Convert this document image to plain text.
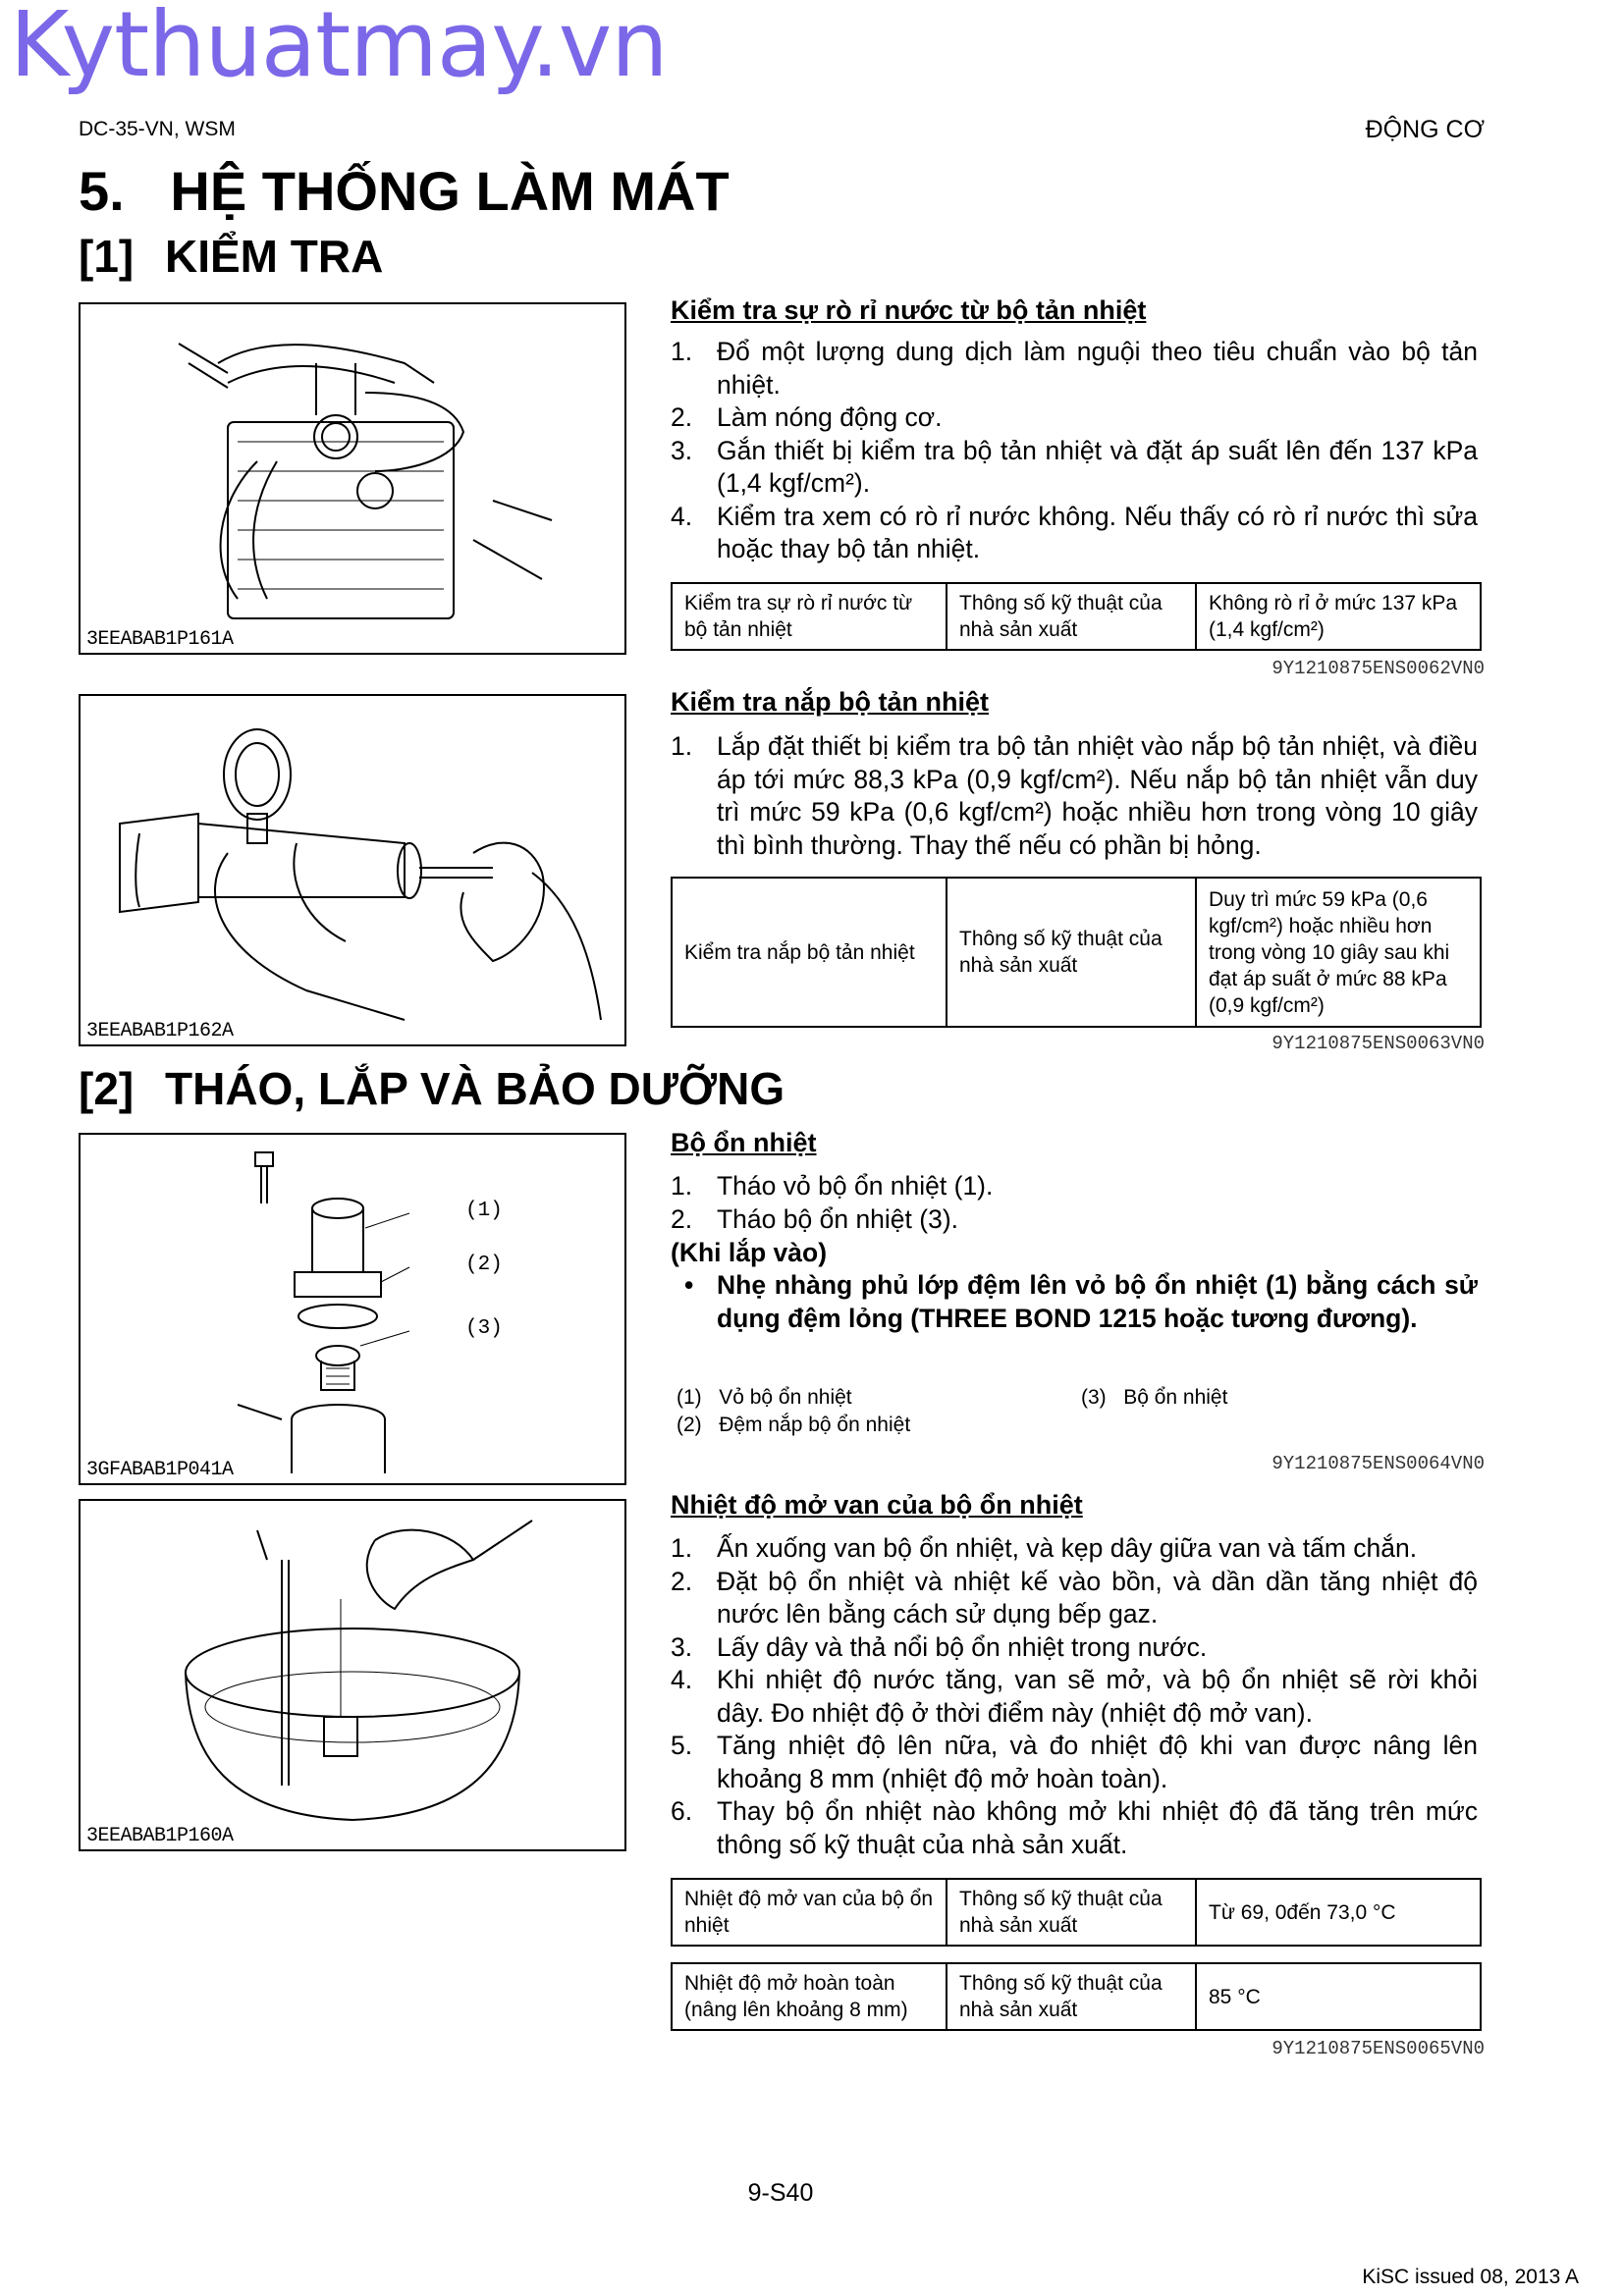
Kythuatmay.vn
DC-35-VN, WSM	ĐỘNG CƠ
5.   HỆ THỐNG LÀM MÁT
[1] KIỂM TRA
3EEABAB1P161A
3EEABAB1P162A
[2] THÁO, LẮP VÀ BẢO DƯỠNG
(1)
(2)
(3)
3GFABAB1P041A
3EEABAB1P160A
Kiểm tra sự rò rỉ nước từ bộ tản nhiệt
1. Đổ một lượng dung dịch làm nguội theo tiêu chuẩn vào bộ tản nhiệt.
2. Làm nóng động cơ.
3. Gắn thiết bị kiểm tra bộ tản nhiệt và đặt áp suất lên đến 137 kPa (1,4 kgf/cm²).
4. Kiểm tra xem có rò rỉ nước không. Nếu thấy có rò rỉ nước thì sửa hoặc thay bộ tản nhiệt.
Kiểm tra sự rò rỉ nước từ bộ tản nhiệt	Thông số kỹ thuật của nhà sản xuất	Không rò rỉ ở mức 137 kPa (1,4 kgf/cm²)
9Y1210875ENS0062VN0
Kiểm tra nắp bộ tản nhiệt
1. Lắp đặt thiết bị kiểm tra bộ tản nhiệt vào nắp bộ tản nhiệt, và điều áp tới mức 88,3 kPa (0,9 kgf/cm²). Nếu nắp bộ tản nhiệt vẫn duy trì mức 59 kPa (0,6 kgf/cm²) hoặc nhiều hơn trong vòng 10 giây thì bình thường. Thay thế nếu có phần bị hỏng.
Kiểm tra nắp bộ tản nhiệt	Thông số kỹ thuật của nhà sản xuất	Duy trì mức 59 kPa (0,6 kgf/cm²) hoặc nhiều hơn trong vòng 10 giây sau khi đạt áp suất ở mức 88 kPa (0,9 kgf/cm²)
9Y1210875ENS0063VN0
Bộ ổn nhiệt
1. Tháo vỏ bộ ổn nhiệt (1).
2. Tháo bộ ổn nhiệt (3).
(Khi lắp vào)
• Nhẹ nhàng phủ lớp đệm lên vỏ bộ ổn nhiệt (1) bằng cách sử dụng đệm lỏng (THREE BOND 1215 hoặc tương đương).
(1) Vỏ bộ ổn nhiệt
(2) Đệm nắp bộ ổn nhiệt
(3) Bộ ổn nhiệt
9Y1210875ENS0064VN0
Nhiệt độ mở van của bộ ổn nhiệt
1. Ấn xuống van bộ ổn nhiệt, và kẹp dây giữa van và tấm chắn.
2. Đặt bộ ổn nhiệt và nhiệt kế vào bồn, và dần dần tăng nhiệt độ nước lên bằng cách sử dụng bếp gaz.
3. Lấy dây và thả nổi bộ ổn nhiệt trong nước.
4. Khi nhiệt độ nước tăng, van sẽ mở, và bộ ổn nhiệt sẽ rời khỏi dây. Đo nhiệt độ ở thời điểm này (nhiệt độ mở van).
5. Tăng nhiệt độ lên nữa, và đo nhiệt độ khi van được nâng lên khoảng 8 mm (nhiệt độ mở hoàn toàn).
6. Thay bộ ổn nhiệt nào không mở khi nhiệt độ đã tăng trên mức thông số kỹ thuật của nhà sản xuất.
Nhiệt độ mở van của bộ ổn nhiệt	Thông số kỹ thuật của nhà sản xuất	Từ 69, 0đến 73,0 °C
Nhiệt độ mở hoàn toàn (nâng lên khoảng 8 mm)	Thông số kỹ thuật của nhà sản xuất	85 °C
9Y1210875ENS0065VN0
9-S40
KiSC issued 08, 2013 A
